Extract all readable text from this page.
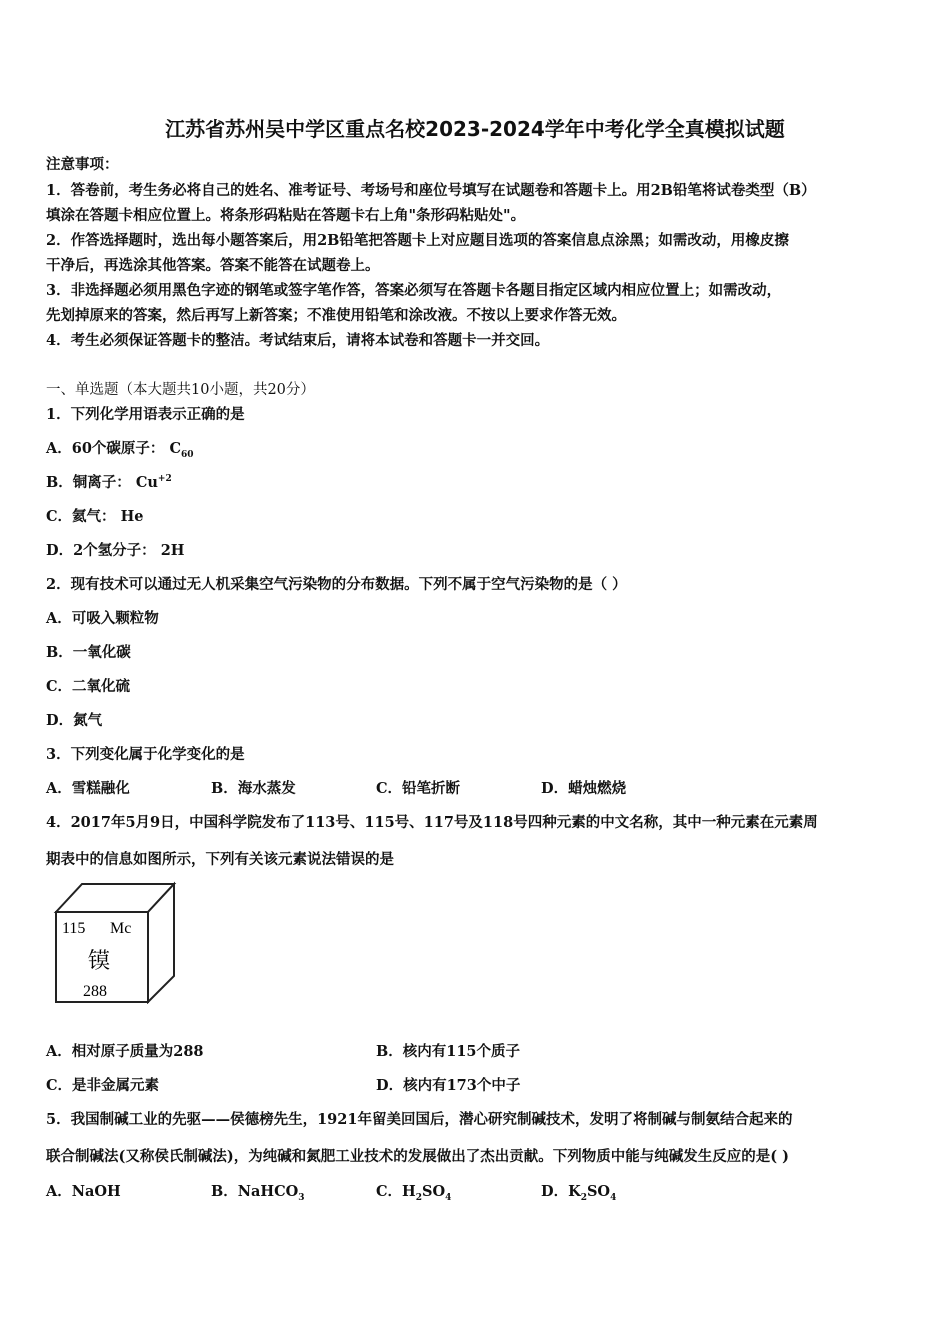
江苏省苏州吴中学区重点名校2023-2024学年中考化学全真模拟试题
注意事项：
1．答卷前，考生务必将自己的姓名、准考证号、考场号和座位号填写在试题卷和答题卡上。用2B铅笔将试卷类型（B）
填涂在答题卡相应位置上。将条形码粘贴在答题卡右上角"条形码粘贴处"。
2．作答选择题时，选出每小题答案后，用2B铅笔把答题卡上对应题目选项的答案信息点涂黑；如需改动，用橡皮擦
干净后，再选涂其他答案。答案不能答在试题卷上。
3．非选择题必须用黑色字迹的钢笔或签字笔作答，答案必须写在答题卡各题目指定区域内相应位置上；如需改动，
先划掉原来的答案，然后再写上新答案；不准使用铅笔和涂改液。不按以上要求作答无效。
4．考生必须保证答题卡的整洁。考试结束后，请将本试卷和答题卡一并交回。
一、单选题（本大题共10小题，共20分）
1．下列化学用语表示正确的是
A．60个碳原子： $C_{60}$
B．铜离子： $Cu^{+2}$
C．氦气： He
D．2个氢分子： 2H
2．现有技术可以通过无人机采集空气污染物的分布数据。下列不属于空气污染物的是（ ）
A．可吸入颗粒物
B．一氧化碳
C．二氧化硫
D．氮气
3．下列变化属于化学变化的是
A．雪糕融化	B．海水蒸发	C．铅笔折断	D．蜡烛燃烧
4．2017年5月9日，中国科学院发布了113号、115号、117号及118号四种元素的中文名称，其中一种元素在元素周
期表中的信息如图所示，下列有关该元素说法错误的是
115 Mc
镆
288
A．相对原子质量为288	B．核内有115个质子
C．是非金属元素	D．核内有173个中子
5．我国制碱工业的先驱——侯德榜先生，1921年留美回国后，潜心研究制碱技术，发明了将制碱与制氨结合起来的
联合制碱法(又称侯氏制碱法)，为纯碱和氮肥工业技术的发展做出了杰出贡献。下列物质中能与纯碱发生反应的是( )
A．NaOH	B．NaHCO$_3$	C．$H_2SO_4$	D．$K_2SO_4$
